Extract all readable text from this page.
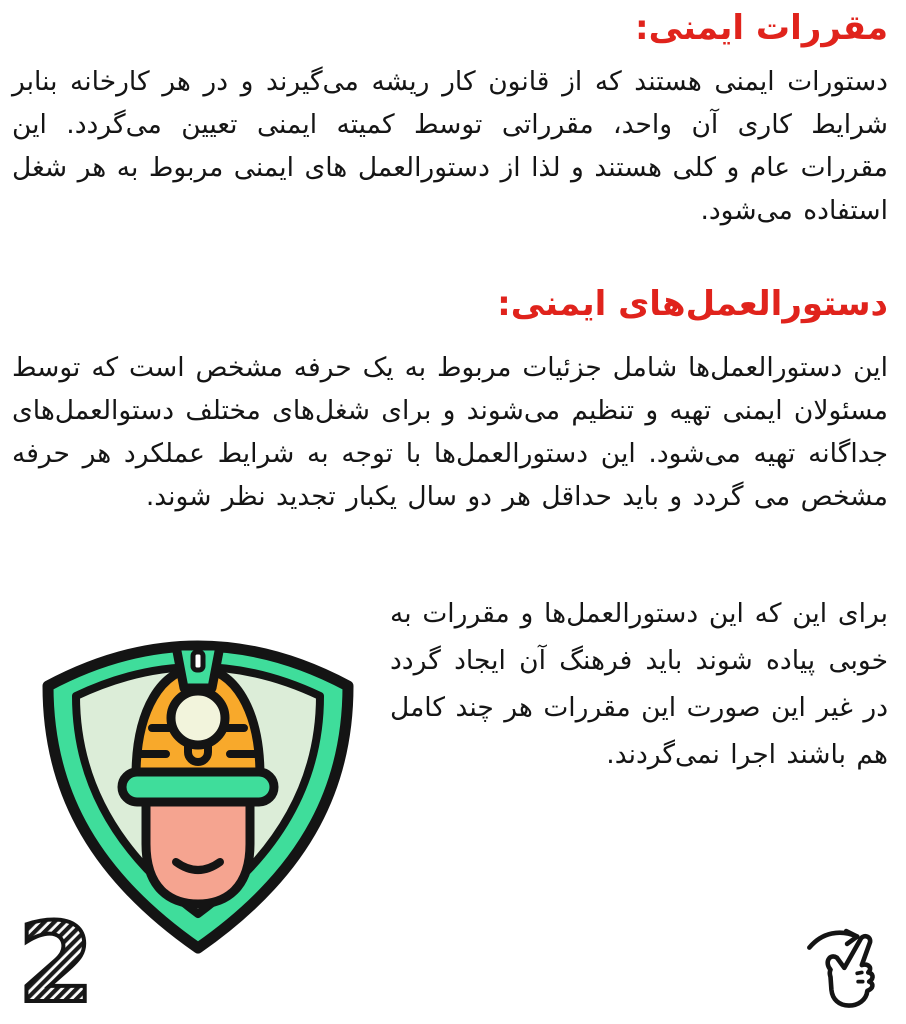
مقررات ایمنی:

دستورات ایمنی هستند که از قانون کار ریشه می‌گیرند و در هر کارخانه بنابر شرایط کاری آن واحد، مقرراتی توسط کمیته ایمنی تعیین می‌گردد. این مقررات عام و کلی هستند و لذا از دستورالعمل های ایمنی مربوط به هر شغل استفاده می‌شود.

دستورالعمل‌های ایمنی:

این دستورالعمل‌ها شامل جزئیات مربوط به یک حرفه مشخص است که توسط مسئولان ایمنی تهیه و تنظیم می‌شوند و برای شغل‌های مختلف دستوالعمل‌های جداگانه تهیه می‌شود. این دستورالعمل‌ها با توجه به شرایط عملکرد هر حرفه مشخص می گردد و باید حداقل هر دو سال یکبار تجدید نظر شوند.

برای این که این دستورالعمل‌ها و مقررات به خوبی پیاده شوند باید فرهنگ آن ایجاد گردد در غیر این صورت این مقررات هر چند کامل هم باشند اجرا نمی‌گردند.

2
